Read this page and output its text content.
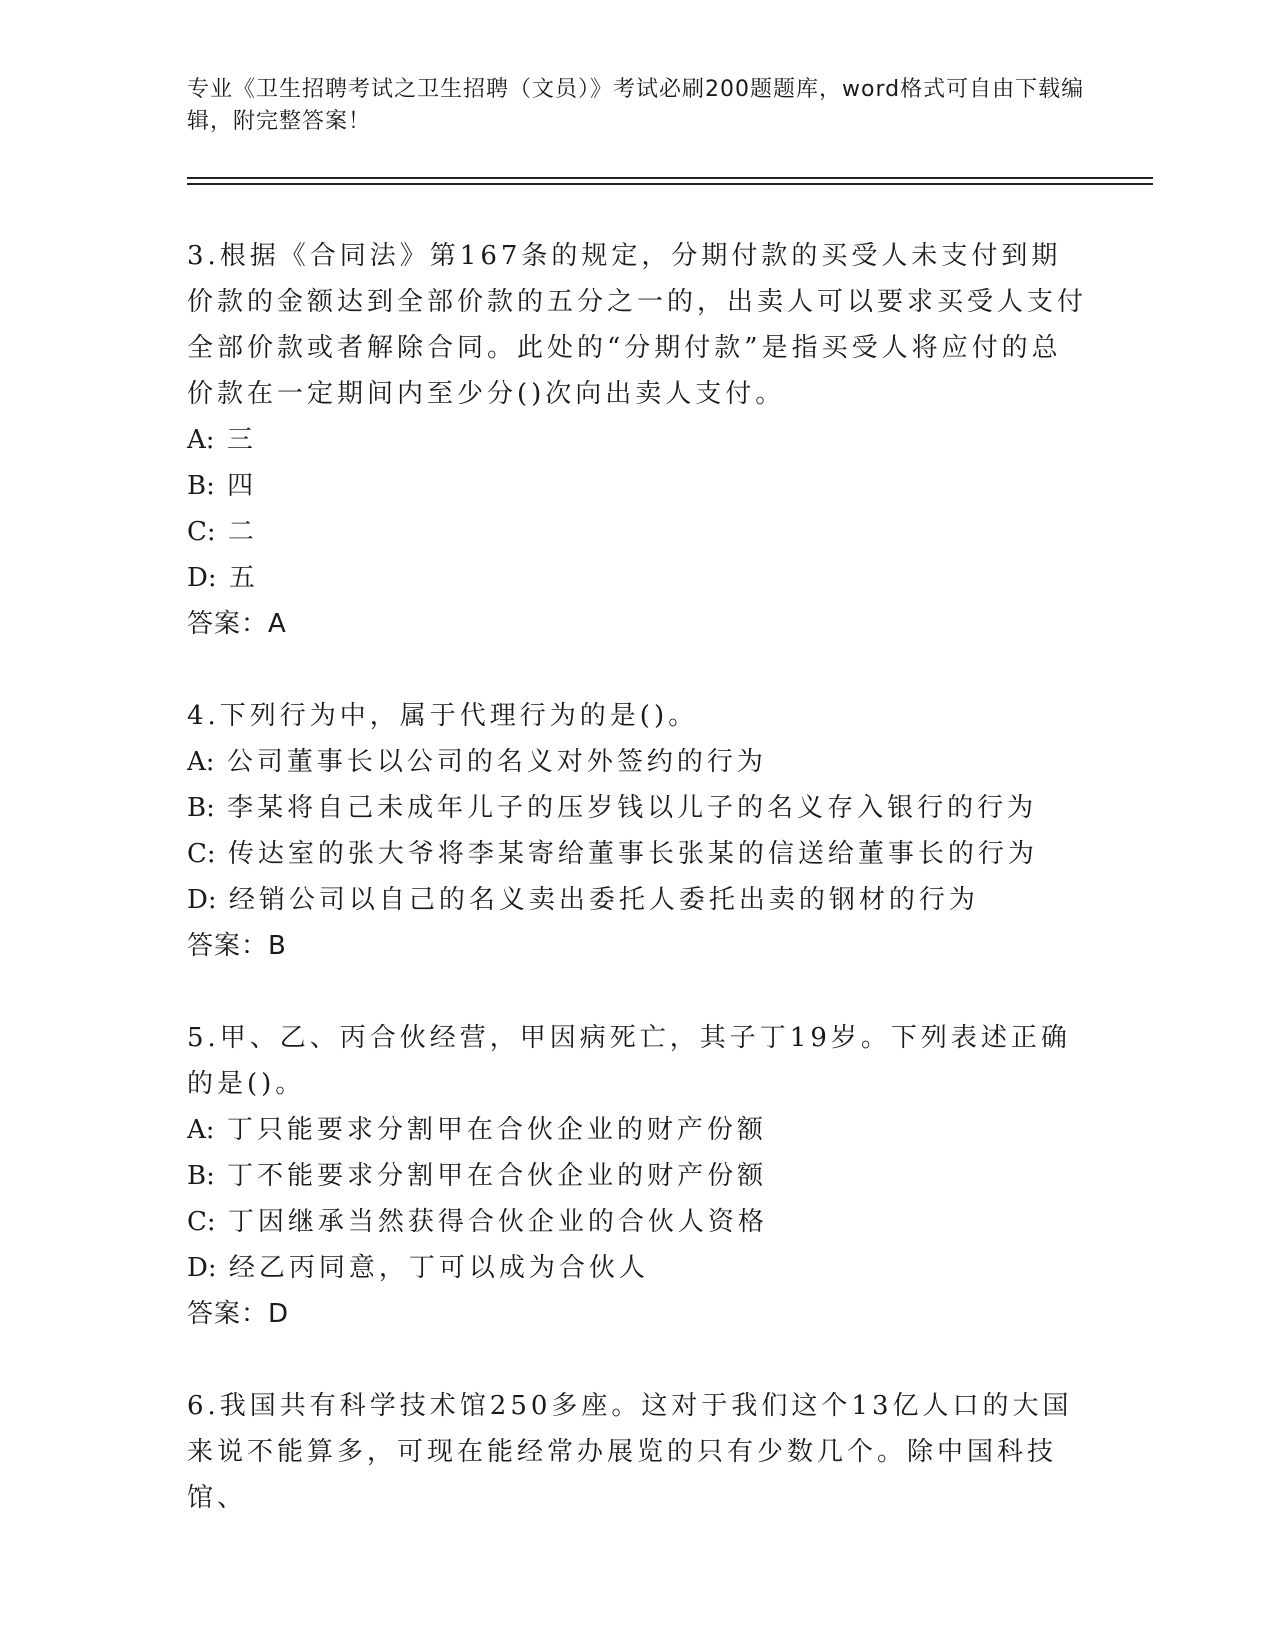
专业《卫生招聘考试之卫生招聘（文员）》考试必刷200题题库，word格式可自由下载编辑，附完整答案！

3.根据《合同法》第167条的规定，分期付款的买受人未支付到期价款的金额达到全部价款的五分之一的，出卖人可以要求买受人支付全部价款或者解除合同。此处的“分期付款”是指买受人将应付的总价款在一定期间内至少分()次向出卖人支付。

A: 三

B: 四

C: 二

D: 五

答案：A

4.下列行为中，属于代理行为的是()。

A: 公司董事长以公司的名义对外签约的行为

B: 李某将自己未成年儿子的压岁钱以儿子的名义存入银行的行为

C: 传达室的张大爷将李某寄给董事长张某的信送给董事长的行为

D: 经销公司以自己的名义卖出委托人委托出卖的钢材的行为

答案：B

5.甲、乙、丙合伙经营，甲因病死亡，其子丁19岁。下列表述正确的是()。

A: 丁只能要求分割甲在合伙企业的财产份额

B: 丁不能要求分割甲在合伙企业的财产份额

C: 丁因继承当然获得合伙企业的合伙人资格

D: 经乙丙同意，丁可以成为合伙人

答案：D

6.我国共有科学技术馆250多座。这对于我们这个13亿人口的大国来说不能算多，可现在能经常办展览的只有少数几个。除中国科技馆、
